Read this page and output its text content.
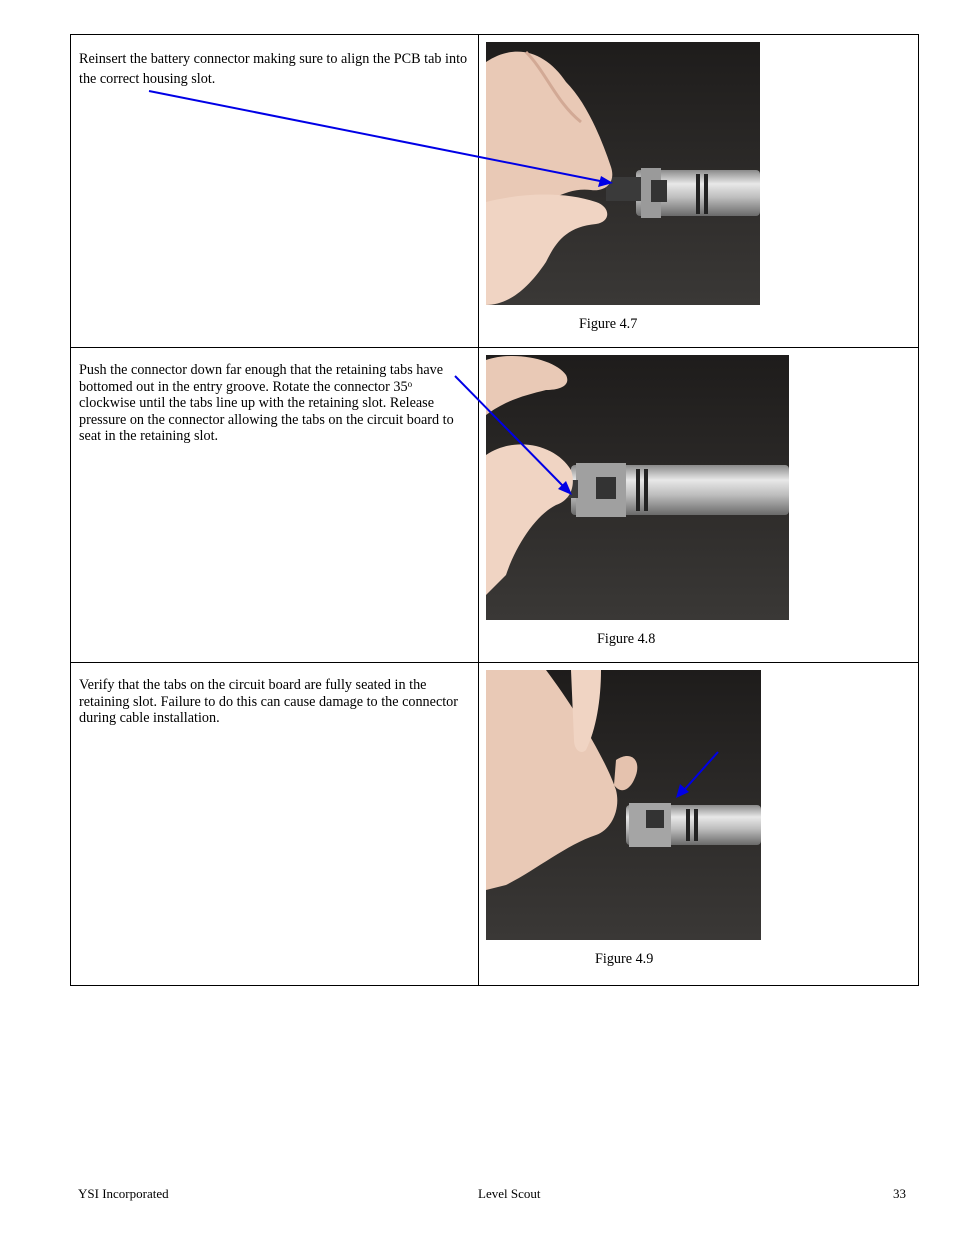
Reinsert the battery connector making sure to align the PCB tab into the correct housing slot.	Figure 4.7

Push the connector down far enough that the retaining tabs have bottomed out in the entry groove. Rotate the connector 35$^o$ clockwise until the tabs line up with the retaining slot. Release pressure on the connector allowing the tabs on the circuit board to seat in the retaining slot.	Figure 4.8

Verify that the tabs on the circuit board are fully seated in the retaining slot. Failure to do this can cause damage to the connector during cable installation.	Figure 4.9
YSI Incorporated	Level Scout	33
